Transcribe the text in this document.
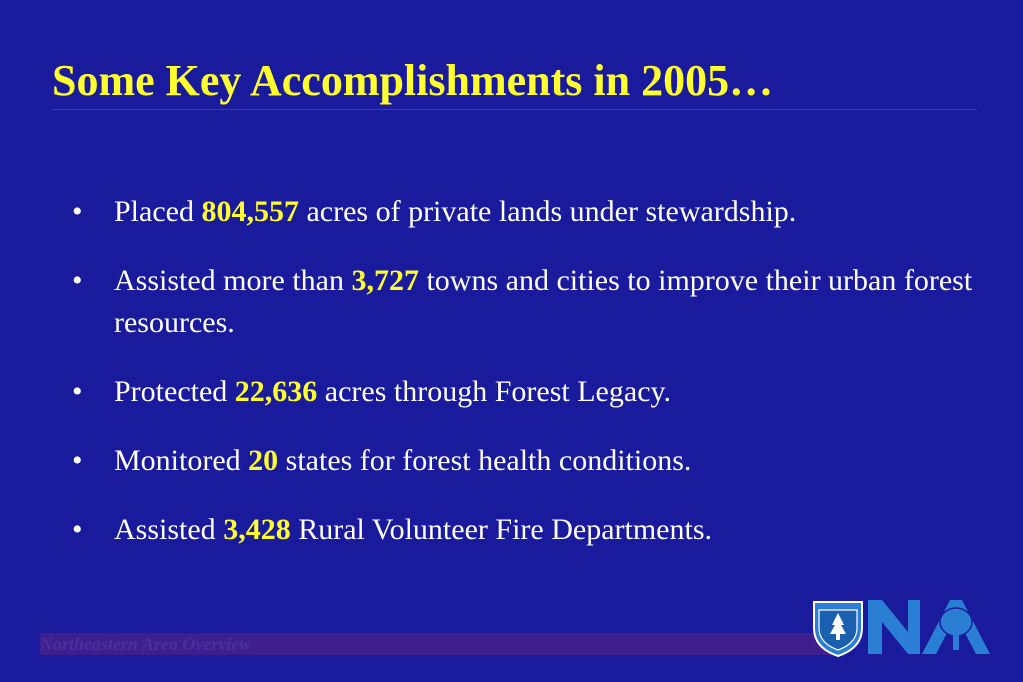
Some Key Accomplishments in 2005…
•	Placed 804,557 acres of private lands under stewardship.
•	Assisted more than 3,727 towns and cities to improve their urban forest resources.
•	Protected 22,636 acres through Forest Legacy.
•	Monitored 20 states for forest health conditions.
•	Assisted 3,428 Rural Volunteer Fire Departments.
Northeastern Area Overview
